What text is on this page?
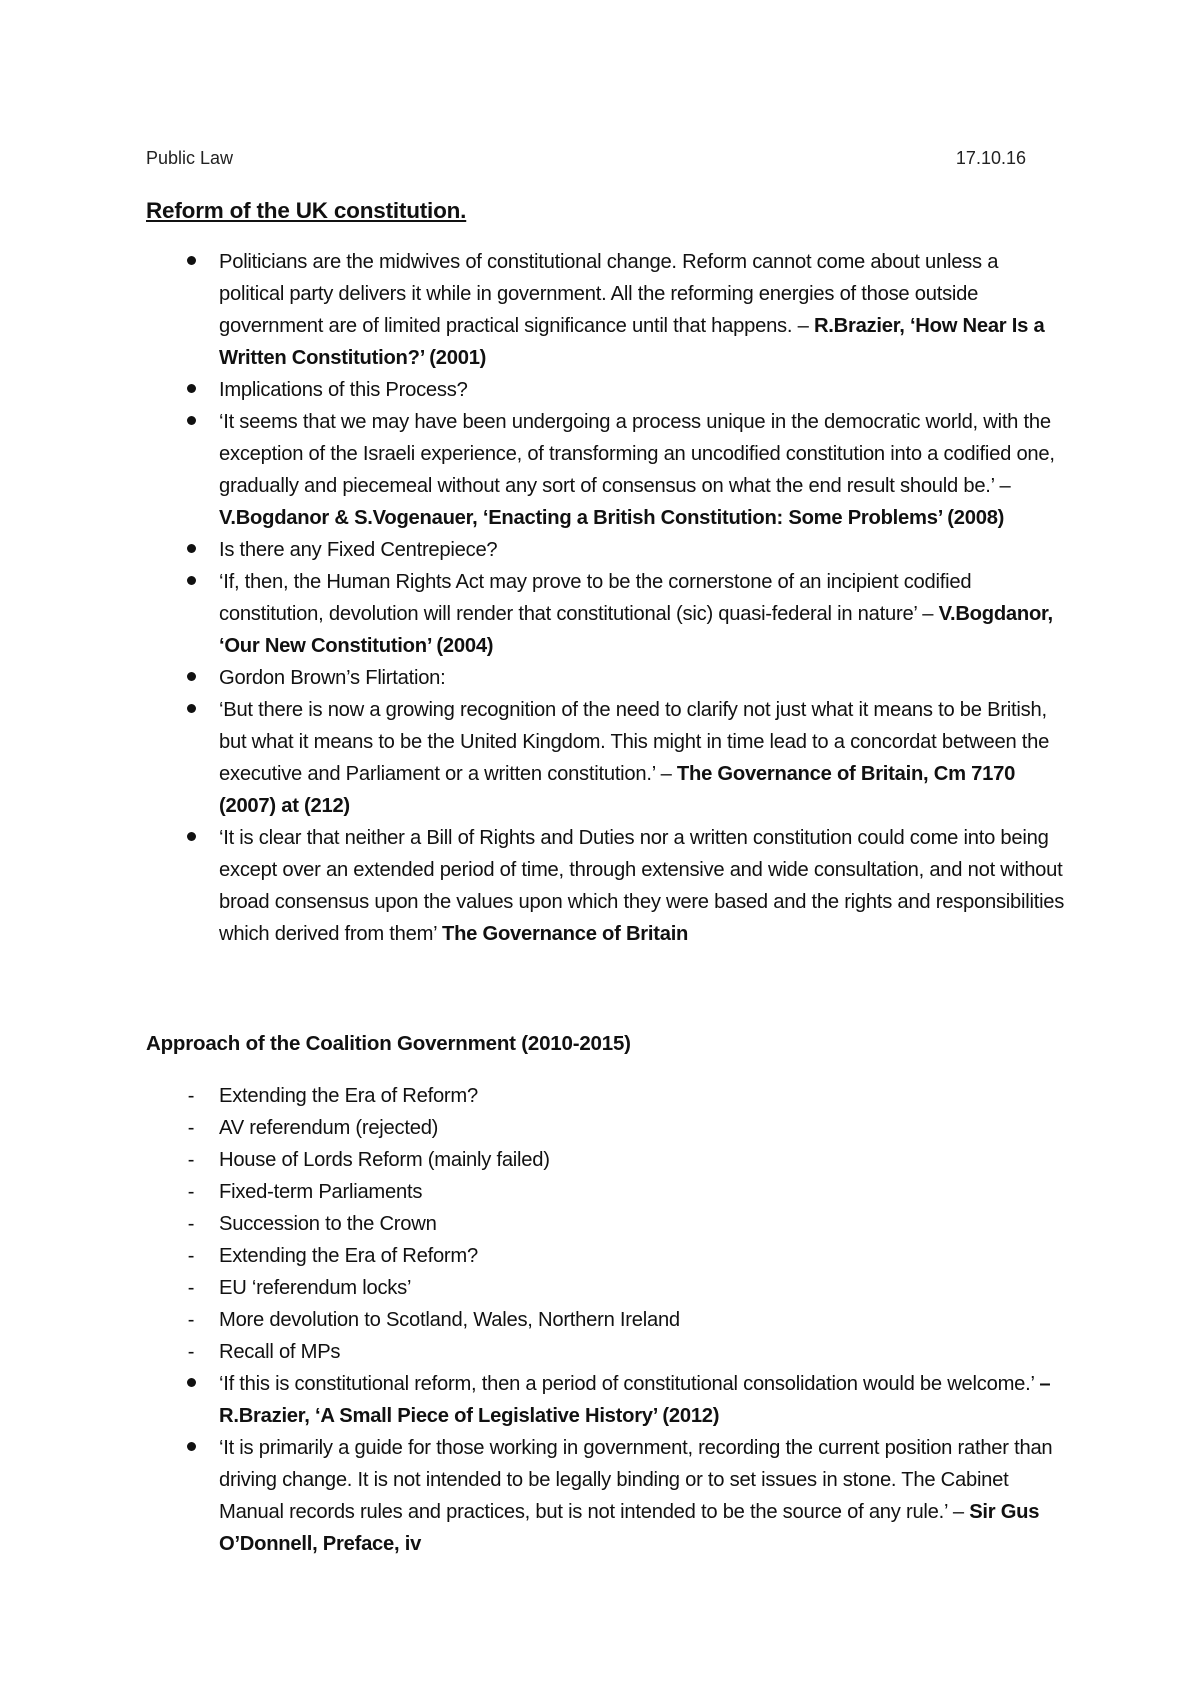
Public Law	17.10.16
Reform of the UK constitution.
Politicians are the midwives of constitutional change. Reform cannot come about unless a political party delivers it while in government. All the reforming energies of those outside government are of limited practical significance until that happens. – R.Brazier, ‘How Near Is a Written Constitution?’ (2001)
Implications of this Process?
‘It seems that we may have been undergoing a process unique in the democratic world, with the exception of the Israeli experience, of transforming an uncodified constitution into a codified one, gradually and piecemeal without any sort of consensus on what the end result should be.’ – V.Bogdanor & S.Vogenauer, ‘Enacting a British Constitution: Some Problems’ (2008)
Is there any Fixed Centrepiece?
‘If, then, the Human Rights Act may prove to be the cornerstone of an incipient codified constitution, devolution will render that constitutional (sic) quasi-federal in nature’ – V.Bogdanor, ‘Our New Constitution’ (2004)
Gordon Brown’s Flirtation:
‘But there is now a growing recognition of the need to clarify not just what it means to be British, but what it means to be the United Kingdom. This might in time lead to a concordat between the executive and Parliament or a written constitution.’ – The Governance of Britain, Cm 7170 (2007) at (212)
‘It is clear that neither a Bill of Rights and Duties nor a written constitution could come into being except over an extended period of time, through extensive and wide consultation, and not without broad consensus upon the values upon which they were based and the rights and responsibilities which derived from them’ The Governance of Britain
Approach of the Coalition Government (2010-2015)
- Extending the Era of Reform?
- AV referendum (rejected)
- House of Lords Reform (mainly failed)
- Fixed-term Parliaments
- Succession to the Crown
- Extending the Era of Reform?
- EU ‘referendum locks’
- More devolution to Scotland, Wales, Northern Ireland
- Recall of MPs
‘If this is constitutional reform, then a period of constitutional consolidation would be welcome.’ – R.Brazier, ‘A Small Piece of Legislative History’ (2012)
‘It is primarily a guide for those working in government, recording the current position rather than driving change. It is not intended to be legally binding or to set issues in stone. The Cabinet Manual records rules and practices, but is not intended to be the source of any rule.’ – Sir Gus O’Donnell, Preface, iv
